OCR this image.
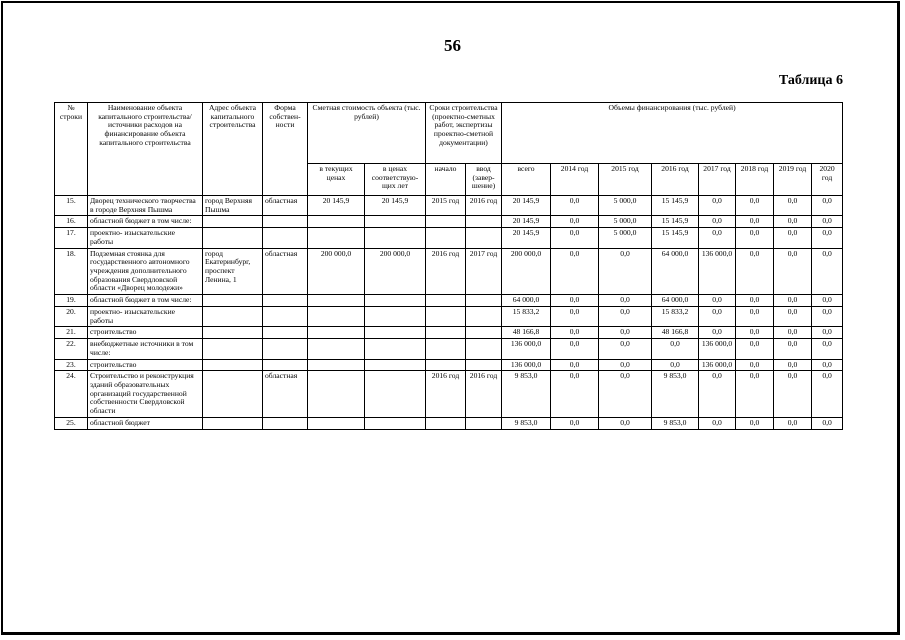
56
Таблица 6
№ строки	Наименование объекта капитального строительства/ источники расходов на финансирование объекта капитального строительства	Адрес объекта капитального строительства	Форма собствен-ности	Сметная стоимость объекта (тыс. рублей)		Сроки строительства (проектно-сметных работ, экспертизы проектно-сметной документации)		Объемы финансирования (тыс. рублей)							
				в текущих ценах	в ценах соответствую-щих лет	начало	ввод (завер-шение)	всего	2014 год	2015 год	2016 год	2017 год	2018 год	2019 год	2020 год
15.	Дворец технического творчества в городе Верхняя Пышма	город Верхняя Пышма	областная	20 145,9	20 145,9	2015 год	2016 год	20 145,9	0,0	5 000,0	15 145,9	0,0	0,0	0,0	0,0
16.	областной бюджет в том числе:							20 145,9	0,0	5 000,0	15 145,9	0,0	0,0	0,0	0,0
17.	проектно- изыскательские работы							20 145,9	0,0	5 000,0	15 145,9	0,0	0,0	0,0	0,0
18.	Подземная стоянка для государственного автономного учреждения дополнительного образования Свердловской области «Дворец молодежи»	город Екатеринбург, проспект Ленина, 1	областная	200 000,0	200 000,0	2016 год	2017 год	200 000,0	0,0	0,0	64 000,0	136 000,0	0,0	0,0	0,0
19.	областной бюджет в том числе:							64 000,0	0,0	0,0	64 000,0	0,0	0,0	0,0	0,0
20.	проектно- изыскательские работы							15 833,2	0,0	0,0	15 833,2	0,0	0,0	0,0	0,0
21.	строительство							48 166,8	0,0	0,0	48 166,8	0,0	0,0	0,0	0,0
22.	внебюджетные источники в том числе:							136 000,0	0,0	0,0	0,0	136 000,0	0,0	0,0	0,0
23.	строительство							136 000,0	0,0	0,0	0,0	136 000,0	0,0	0,0	0,0
24.	Строительство и реконструкция зданий образовательных организаций государственной собственности Свердловской области		областная			2016 год	2016 год	9 853,0	0,0	0,0	9 853,0	0,0	0,0	0,0	0,0
25.	областной бюджет							9 853,0	0,0	0,0	9 853,0	0,0	0,0	0,0	0,0
